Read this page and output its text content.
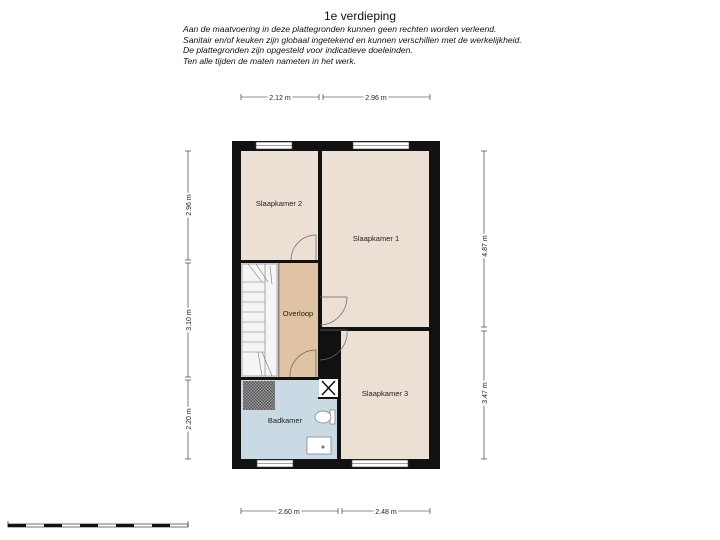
1e verdieping
Aan de maatvoering in deze plattegronden kunnen geen rechten worden verleend.
Sanitair en/of keuken zijn globaal ingetekend en kunnen verschillen met de werkelijkheid.
De plattegronden zijn opgesteld voor indicatieve doeleinden.
Ten alle tijden de maten nameten in het werk.
Slaapkamer 2
Slaapkamer 1
Overloop
Slaapkamer 3
Badkamer
2.12 m	2.96 m
2.60 m	2.48 m
2.96 m
3.10 m
2.20 m
4.87 m
3.47 m
